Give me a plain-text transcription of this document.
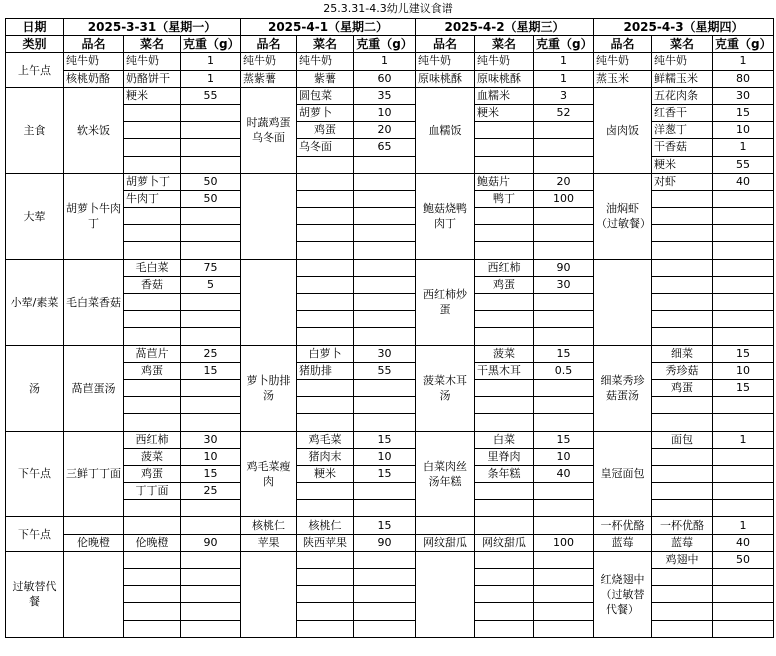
25.3.31-4.3幼儿建议食谱
日期	2025-3-31（星期一）			2025-4-1（星期二）			2025-4-2（星期三）			2025-4-3（星期四）		
类别	品名	菜名	克重（g）	品名	菜名	克重（g）	品名	菜名	克重（g）	品名	菜名	克重（g）
上午点	纯牛奶	纯牛奶	1	纯牛奶	纯牛奶	1	纯牛奶	纯牛奶	1	纯牛奶	纯牛奶	1
	核桃奶酪	奶酪饼干	1	蒸紫薯	紫薯	60	原味桃酥	原味桃酥	1	蒸玉米	鲜糯玉米	80
主食	软米饭	粳米	55	时蔬鸡蛋乌冬面	圆包菜	35	血糯饭	血糯米	3	卤肉饭	五花肉条	30
					胡萝卜	10		粳米	52		红香干	15
					鸡蛋	20					洋葱丁	10
					乌冬面	65					干香菇	1
											粳米	55
大荤	胡萝卜牛肉丁	胡萝卜丁	50				鲍菇烧鸭肉丁	鲍菇片	20	油焖虾（过敏餐）	对虾	40
		牛肉丁	50					鸭丁	100			

小荤/素菜	毛白菜香菇	毛白菜	75				西红柿炒蛋	西红柿	90			
		香菇	5					鸡蛋	30			

汤	萵苣蛋汤	萵苣片	25	萝卜肋排汤	白萝卜	30	菠菜木耳汤	菠菜	15	细菜秀珍菇蛋汤	细菜	15
		鸡蛋	15		猪肋排	55		干黑木耳	0.5		秀珍菇	10
											鸡蛋	15

下午点	三鲜丁丁面	西红柿	30	鸡毛菜瘦肉	鸡毛菜	15	白菜肉丝汤年糕	白菜	15	皇冠面包	面包	1
		菠菜	10		猪肉末	10		里脊肉	10			
		鸡蛋	15		粳米	15		条年糕	40			
		丁丁面	25									

下午点				核桃仁	核桃仁	15				一杯优酪	一杯优酪	1
	伦晚橙	伦晚橙	90	苹果	陕西苹果	90	网纹甜瓜	网纹甜瓜	100	蓝莓	蓝莓	40
过敏替代餐										红烧翅中（过敏替代餐）	鸡翅中	50
